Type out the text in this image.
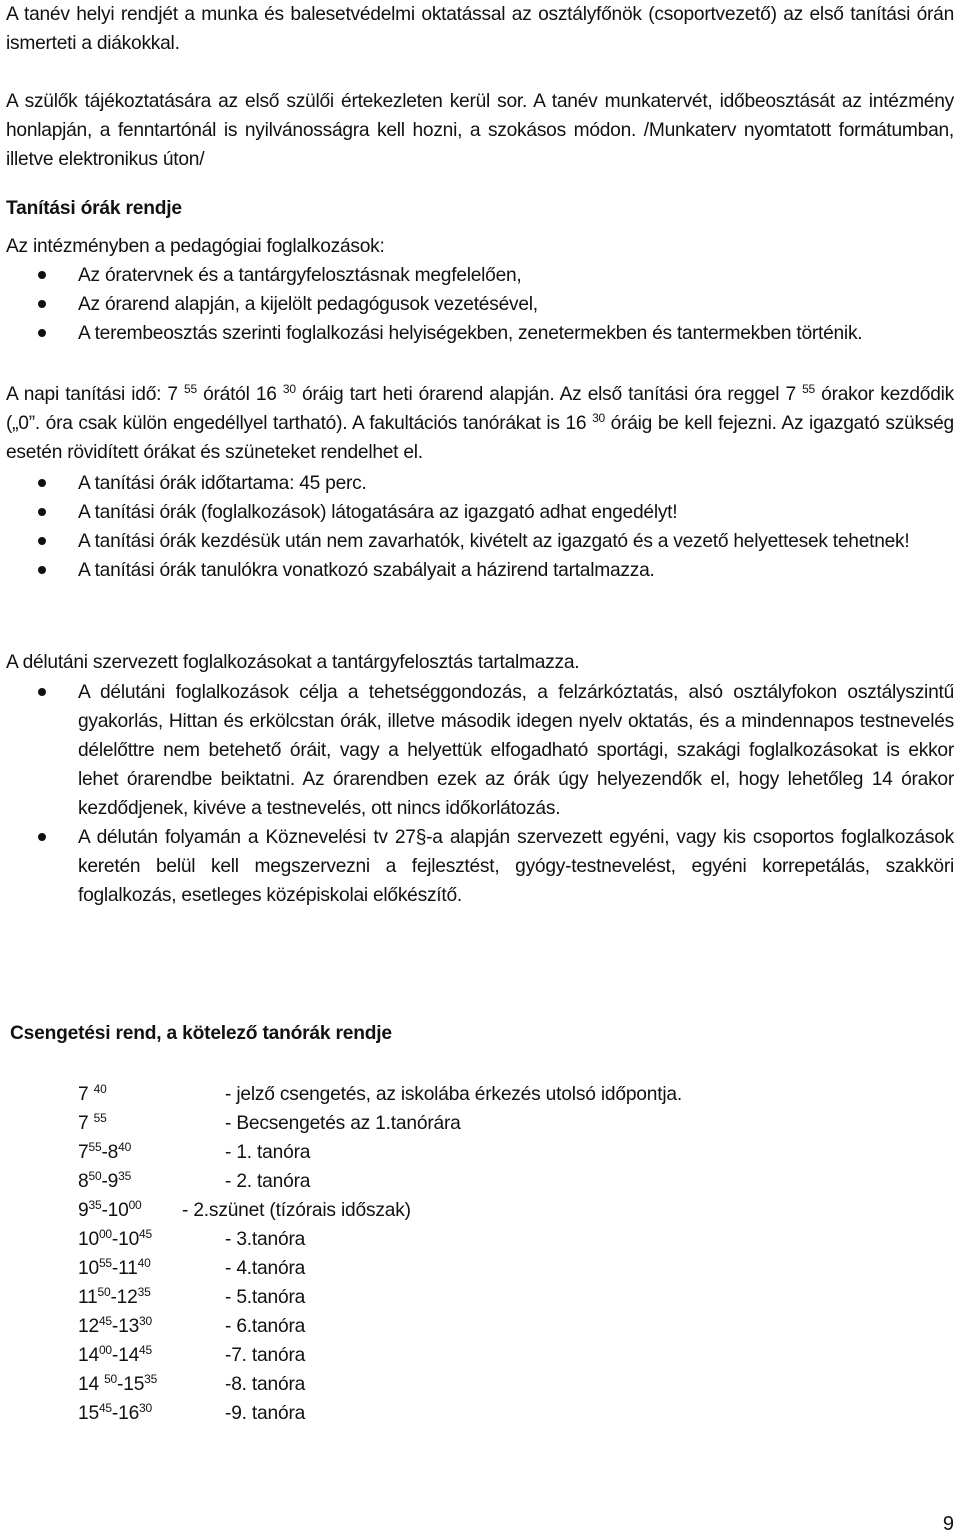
A tanév helyi rendjét a munka és balesetvédelmi oktatással az osztályfőnök (csoportvezető) az első tanítási órán ismerteti a diákokkal.

A szülők tájékoztatására az első szülői értekezleten kerül sor. A tanév munkatervét, időbeosztását az intézmény honlapján, a fenntartónál is nyilvánosságra kell hozni, a szokásos módon. /Munkaterv nyomtatott formátumban, illetve elektronikus úton/

Tanítási órák rendje

Az intézményben a pedagógiai foglalkozások:

Az óratervnek és a tantárgyfelosztásnak megfelelően,
Az órarend alapján, a kijelölt pedagógusok vezetésével,
A terembeosztás szerinti foglalkozási helyiségekben, zenetermekben és tantermekben történik.

A napi tanítási idő: 7 $^{55}$ órától 16 $^{30}$ óráig tart heti órarend alapján. Az első tanítási óra reggel 7 $^{55}$ órakor kezdődik („0”. óra csak külön engedéllyel tartható). A fakultációs tanórákat is 16 $^{30}$ óráig be kell fejezni. Az igazgató szükség esetén rövidített órákat és szüneteket rendelhet el.

A tanítási órák időtartama: 45 perc.
A tanítási órák (foglalkozások) látogatására az igazgató adhat engedélyt!
A tanítási órák kezdésük után nem zavarhatók, kivételt az igazgató és a vezető helyettesek tehetnek!
A tanítási órák tanulókra vonatkozó szabályait a házirend tartalmazza.

A délutáni szervezett foglalkozásokat a tantárgyfelosztás tartalmazza.

A délutáni foglalkozások célja a tehetséggondozás, a felzárkóztatás, alsó osztályfokon osztályszintű gyakorlás, Hittan és erkölcstan órák, illetve második idegen nyelv oktatás, és a mindennapos testnevelés délelőttre nem betehető óráit, vagy a helyettük elfogadható sportági, szakági foglalkozásokat is ekkor lehet órarendbe beiktatni. Az órarendben ezek az órák úgy helyezendők el, hogy lehetőleg 14 órakor kezdődjenek, kivéve a testnevelés, ott nincs időkorlátozás.
A délután folyamán a Köznevelési tv 27§-a alapján szervezett egyéni, vagy kis csoportos foglalkozások keretén belül kell megszervezni a fejlesztést, gyógy-testnevelést, egyéni korrepetálás, szakköri foglalkozás, esetleges középiskolai előkészítő.

Csengetési rend, a kötelező tanórák rendje

7 $^{40}$	- jelző csengetés, az iskolába érkezés utolsó időpontja.
7 $^{55}$	- Becsengetés az 1.tanórára
$7^{55}-8^{40}$	- 1. tanóra
$8^{50}-9^{35}$	- 2. tanóra
$9^{35}-10^{00}$ - 2.szünet (tízórais időszak)
$10^{00}-10^{45}$	- 3.tanóra
$10^{55}-11^{40}$	- 4.tanóra
$11^{50}-12^{35}$	- 5.tanóra
$12^{45}-13^{30}$	- 6.tanóra
$14^{00}-14^{45}$	-7. tanóra
14 $^{50}-15^{35}$	-8. tanóra
$15^{45}-16^{30}$	-9. tanóra
9
